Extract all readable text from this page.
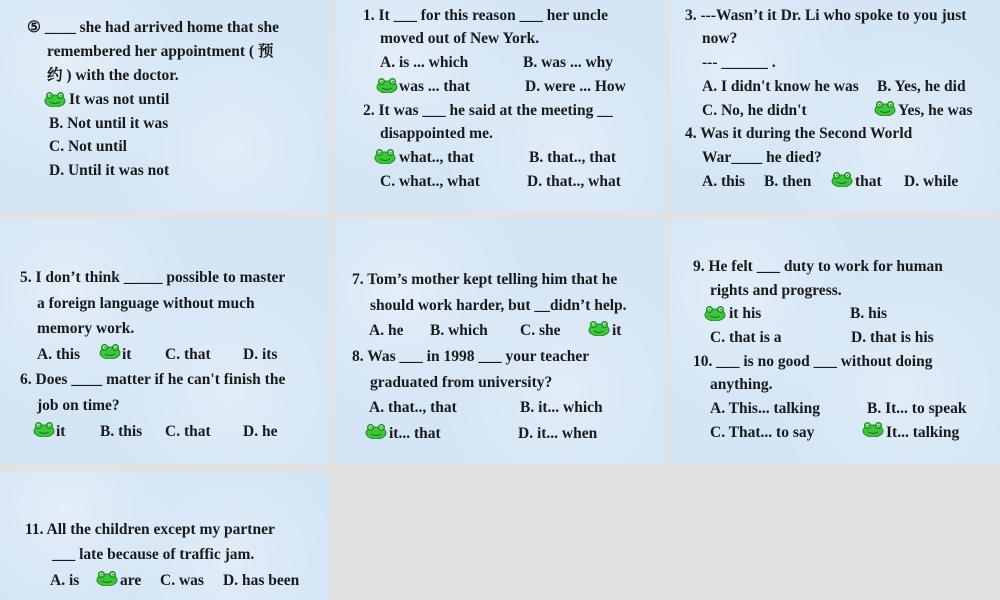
⑤ ____ she had arrived home that she
remembered her appointment ( 预
约 ) with the doctor.
It was not until
B. Not until it was
C. Not until
D. Until it was not
1. It ___ for this reason ___ her uncle
moved out of New York.
A. is ... which	B. was ... why
was ... that	D. were ... How
2. It was ___ he said at the meeting __
disappointed me.
what.., that	B. that.., that
C. what.., what	D. that.., what
3. ---Wasn’t it Dr. Li who spoke to you just
now?
--- ______ .
A. I didn't know he was B. Yes, he did
C. No, he didn't	Yes, he was
4. Was it during the Second World
War____ he died?
A. this B. then	that D. while
5. I don’t think _____ possible to master
a foreign language without much
memory work.
A. this	it C. that D. its
6. Does ____ matter if he can't finish the
job on time?
it B. this C. that D. he
7. Tom’s mother kept telling him that he
should work harder, but __didn’t help.
A. he B. which C. she	it
8. Was ___ in 1998 ___ your teacher
graduated from university?
A. that.., that	B. it... which
it... that	D. it... when
9. He felt ___ duty to work for human
rights and progress.
it his	B. his
C. that is a	D. that is his
10. ___ is no good ___ without doing
anything.
A. This... talking	B. It... to speak
C. That... to say	It... talking
11. All the children except my partner
___ late because of traffic jam.
A. is	are C. was D. has been
